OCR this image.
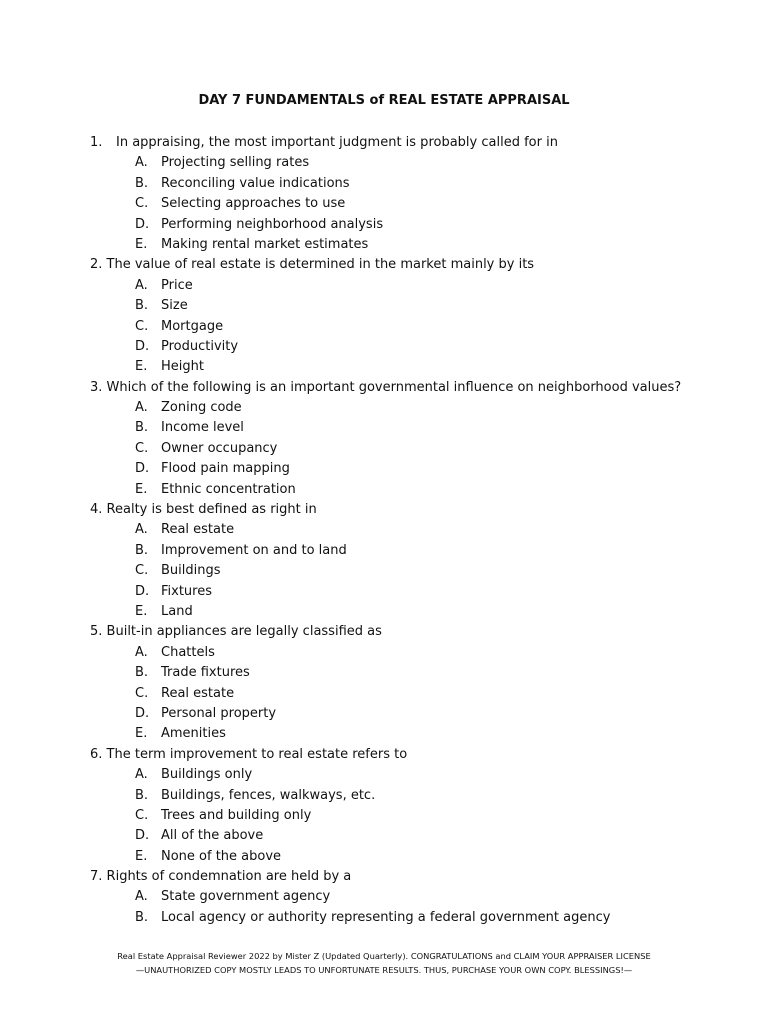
DAY 7 FUNDAMENTALS of REAL ESTATE APPRAISAL
1. In appraising, the most important judgment is probably called for in
A. Projecting selling rates
B. Reconciling value indications
C. Selecting approaches to use
D. Performing neighborhood analysis
E. Making rental market estimates
2. The value of real estate is determined in the market mainly by its
A. Price
B. Size
C. Mortgage
D. Productivity
E. Height
3. Which of the following is an important governmental influence on neighborhood values?
A. Zoning code
B. Income level
C. Owner occupancy
D. Flood pain mapping
E. Ethnic concentration
4. Realty is best defined as right in
A. Real estate
B. Improvement on and to land
C. Buildings
D. Fixtures
E. Land
5. Built-in appliances are legally classified as
A. Chattels
B. Trade fixtures
C. Real estate
D. Personal property
E. Amenities
6. The term improvement to real estate refers to
A. Buildings only
B. Buildings, fences, walkways, etc.
C. Trees and building only
D. All of the above
E. None of the above
7. Rights of condemnation are held by a
A. State government agency
B. Local agency or authority representing a federal government agency
Real Estate Appraisal Reviewer 2022 by Mister Z (Updated Quarterly). CONGRATULATIONS and CLAIM YOUR APPRAISER LICENSE
—UNAUTHORIZED COPY MOSTLY LEADS TO UNFORTUNATE RESULTS. THUS, PURCHASE YOUR OWN COPY. BLESSINGS!—
